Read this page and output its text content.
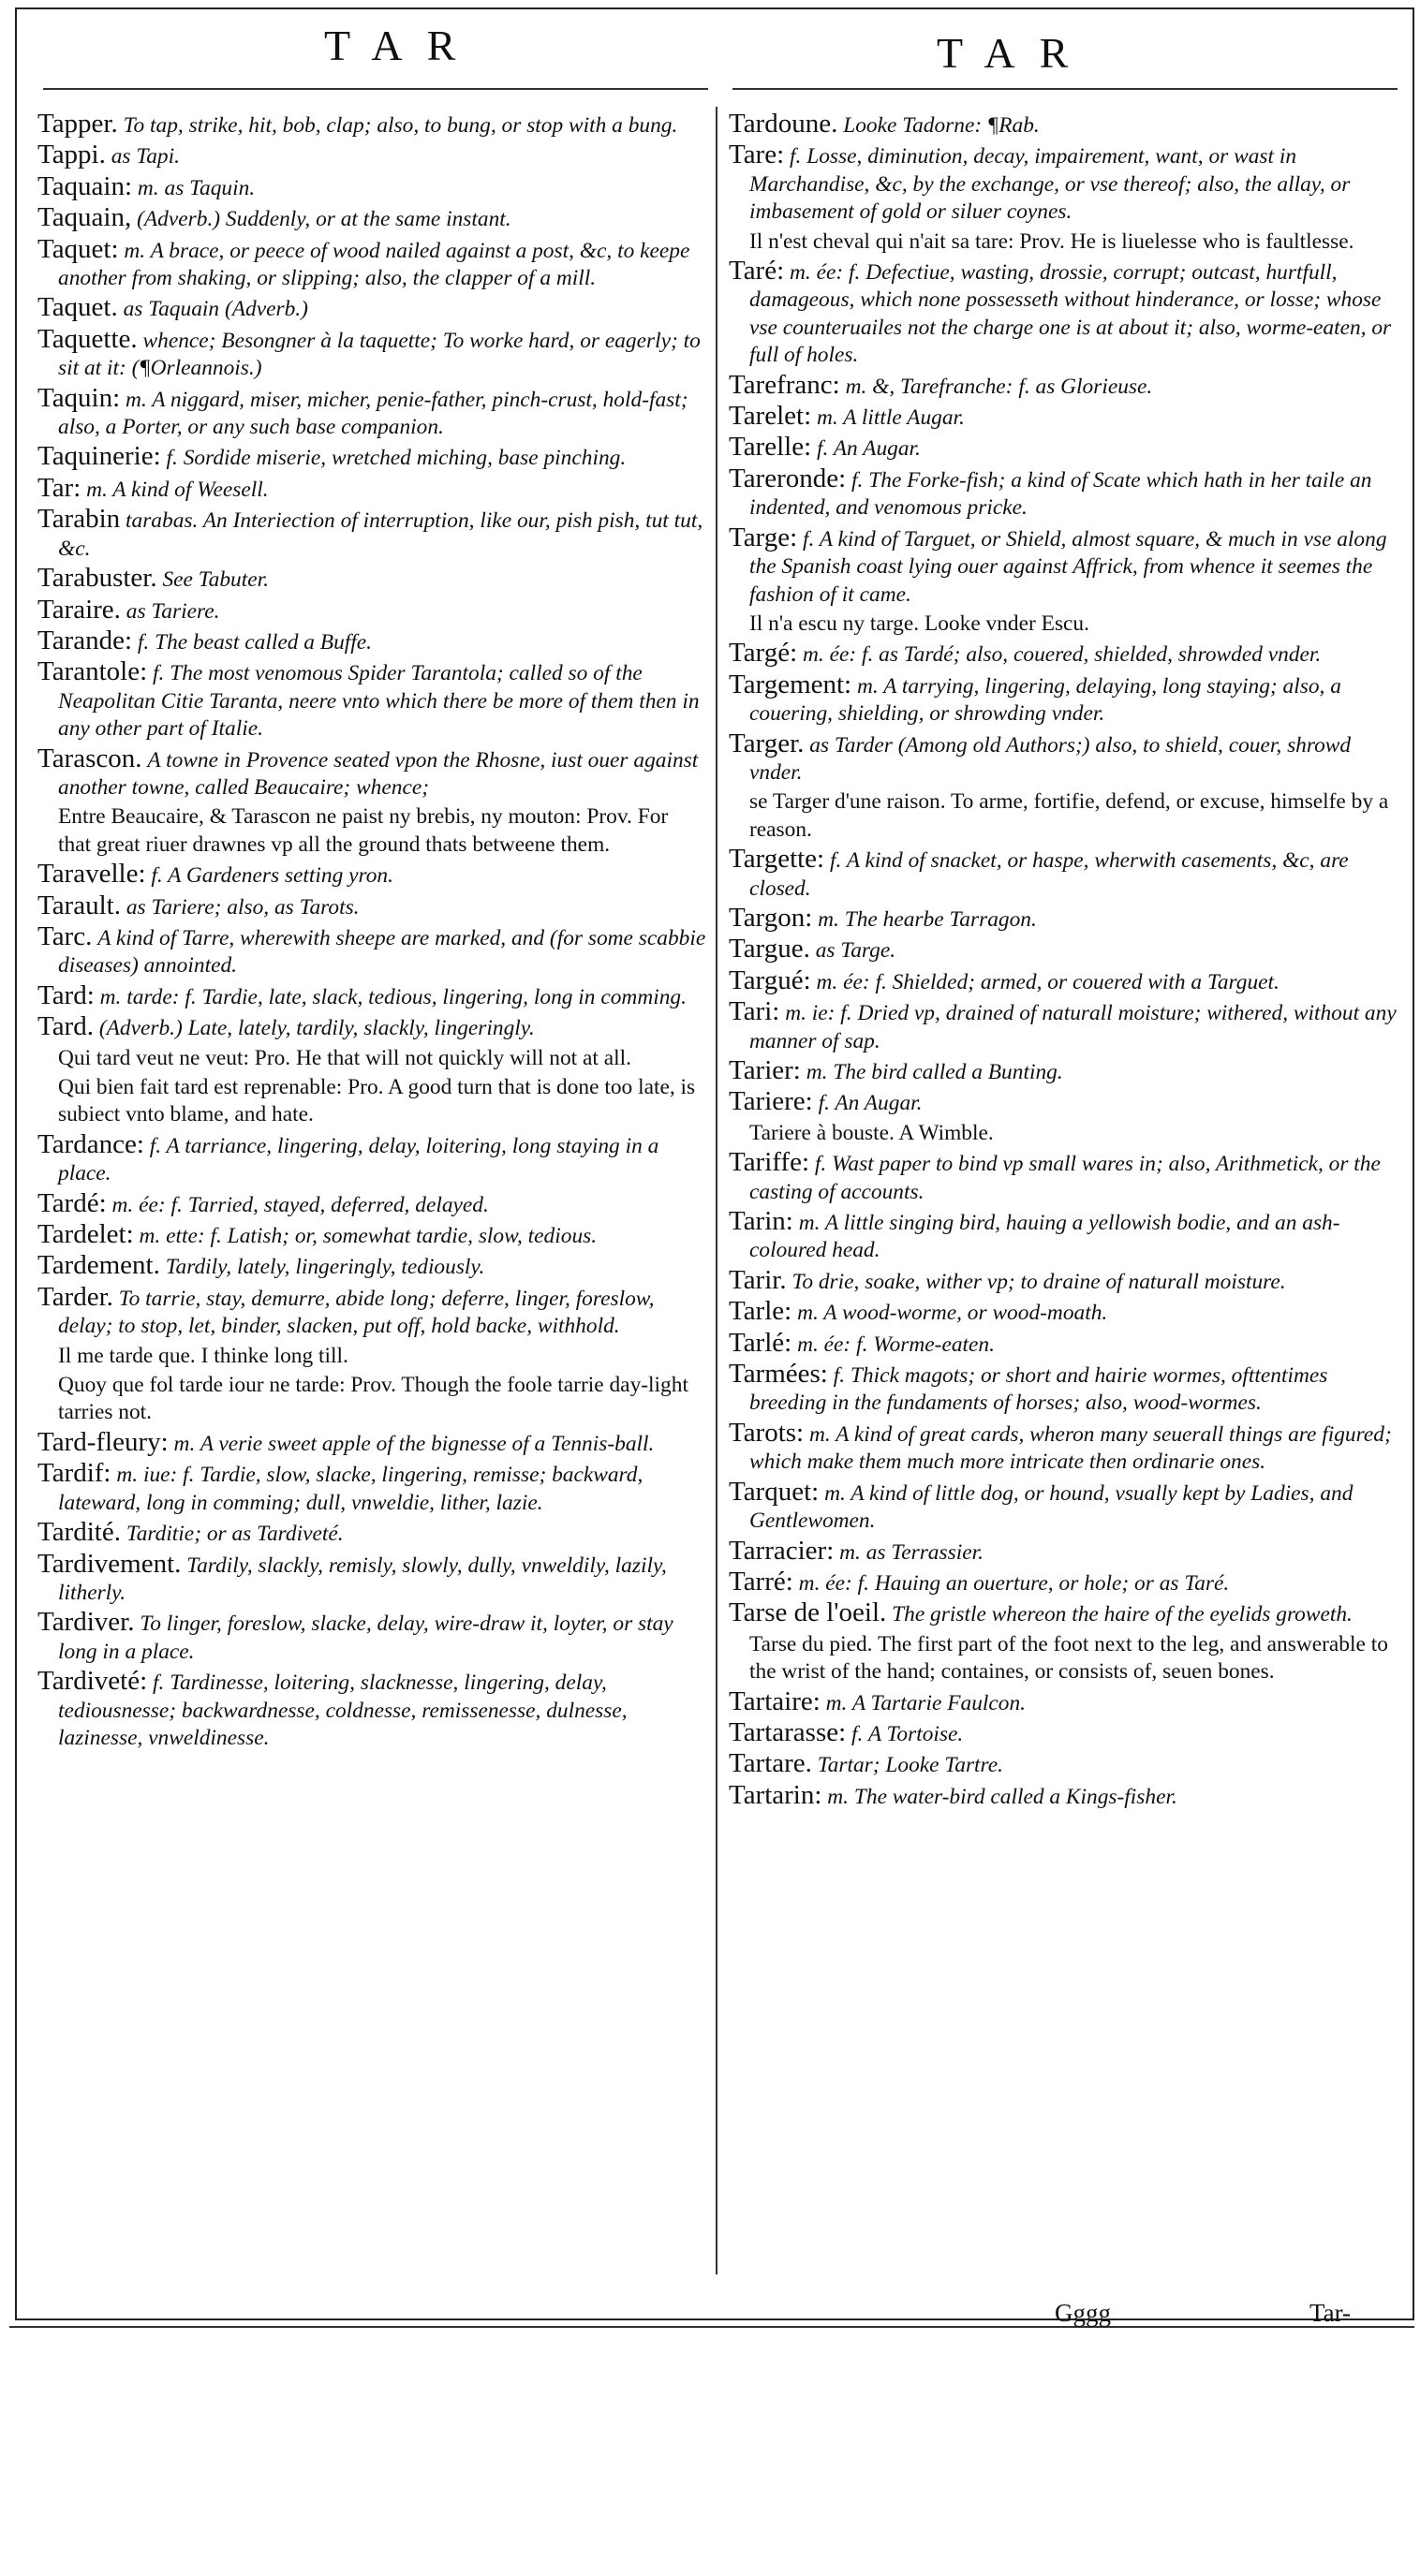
TAR	TAR
Tapper. To tap, strike, hit, bob, clap; also, to bung, or stop with a bung.
Tappi. as Tapi.
Taquain: m. as Taquin.
Taquain, (Adverb.) Suddenly, or at the same instant.
Taquet: m. A brace, or peece of wood nailed against a post, &c, to keepe another from shaking, or slipping; also, the clapper of a mill.
Taquet. as Taquain (Adverb.)
Taquette. whence; Besongner à la taquette; To worke hard, or eagerly; to sit at it: (¶Orleannois.)
Taquin: m. A niggard, miser, micher, penie-father, pinch-crust, hold-fast; also, a Porter, or any such base companion.
Taquinerie: f. Sordide miserie, wretched miching, base pinching.
Tar: m. A kind of Weesell.
Tarabin tarabas. An Interiection of interruption, like our, pish pish, tut tut, &c.
Tarabuster. See Tabuter.
Taraire. as Tariere.
Tarande: f. The beast called a Buffe.
Tarantole: f. The most venomous Spider Tarantola; called so of the Neapolitan Citie Taranta, neere vnto which there be more of them then in any other part of Italie.
Tarascon. A towne in Provence seated vpon the Rhosne, iust ouer against another towne, called Beaucaire; whence;
Entre Beaucaire, & Tarascon ne paist ny brebis, ny mouton: Prov. For that great riuer drawnes vp all the ground thats betweene them.
Taravelle: f. A Gardeners setting yron.
Tarault. as Tariere; also, as Tarots.
Tarc. A kind of Tarre, wherewith sheepe are marked, and (for some scabbie diseases) annointed.
Tard: m. tarde: f. Tardie, late, slack, tedious, lingering, long in comming.
Tard. (Adverb.) Late, lately, tardily, slackly, lingeringly.
Qui tard veut ne veut: Pro. He that will not quickly will not at all.
Qui bien fait tard est reprenable: Pro. A good turn that is done too late, is subiect vnto blame, and hate.
Tardance: f. A tarriance, lingering, delay, loitering, long staying in a place.
Tardé: m. ée: f. Tarried, stayed, deferred, delayed.
Tardelet: m. ette: f. Latish; or, somewhat tardie, slow, tedious.
Tardement. Tardily, lately, lingeringly, tediously.
Tarder. To tarrie, stay, demurre, abide long; deferre, linger, foreslow, delay; to stop, let, binder, slacken, put off, hold backe, withhold.
Il me tarde que. I thinke long till.
Quoy que fol tarde iour ne tarde: Prov. Though the foole tarrie day-light tarries not.
Tard-fleury: m. A verie sweet apple of the bignesse of a Tennis-ball.
Tardif: m. iue: f. Tardie, slow, slacke, lingering, remisse; backward, lateward, long in comming; dull, vnweldie, lither, lazie.
Tardité. Tarditie; or as Tardiveté.
Tardivement. Tardily, slackly, remisly, slowly, dully, vnweldily, lazily, litherly.
Tardiver. To linger, foreslow, slacke, delay, wire-draw it, loyter, or stay long in a place.
Tardiveté: f. Tardinesse, loitering, slacknesse, lingering, delay, tediousnesse; backwardnesse, coldnesse, remissenesse, dulnesse, lazinesse, vnweldinesse.
Tardoune. Looke Tadorne: ¶Rab.
Tare: f. Losse, diminution, decay, impairement, want, or wast in Marchandise, &c, by the exchange, or vse thereof; also, the allay, or imbasement of gold or siluer coynes.
Il n'est cheval qui n'ait sa tare: Prov. He is liuelesse who is faultlesse.
Taré: m. ée: f. Defectiue, wasting, drossie, corrupt; outcast, hurtfull, damageous, which none possesseth without hinderance, or losse; whose vse counteruailes not the charge one is at about it; also, worme-eaten, or full of holes.
Tarefranc: m. &, Tarefranche: f. as Glorieuse.
Tarelet: m. A little Augar.
Tarelle: f. An Augar.
Tareronde: f. The Forke-fish; a kind of Scate which hath in her taile an indented, and venomous pricke.
Targe: f. A kind of Targuet, or Shield, almost square, & much in vse along the Spanish coast lying ouer against Affrick, from whence it seemes the fashion of it came.
Il n'a escu ny targe. Looke vnder Escu.
Targé: m. ée: f. as Tardé; also, couered, shielded, shrowded vnder.
Targement: m. A tarrying, lingering, delaying, long staying; also, a couering, shielding, or shrowding vnder.
Targer. as Tarder (Among old Authors;) also, to shield, couer, shrowd vnder.
se Targer d'une raison. To arme, fortifie, defend, or excuse, himselfe by a reason.
Targette: f. A kind of snacket, or haspe, wherwith casements, &c, are closed.
Targon: m. The hearbe Tarragon.
Targue. as Targe.
Targué: m. ée: f. Shielded; armed, or couered with a Targuet.
Tari: m. ie: f. Dried vp, drained of naturall moisture; withered, without any manner of sap.
Tarier: m. The bird called a Bunting.
Tariere: f. An Augar.
Tariere à bouste. A Wimble.
Tariffe: f. Wast paper to bind vp small wares in; also, Arithmetick, or the casting of accounts.
Tarin: m. A little singing bird, hauing a yellowish bodie, and an ash-coloured head.
Tarir. To drie, soake, wither vp; to draine of naturall moisture.
Tarle: m. A wood-worme, or wood-moath.
Tarlé: m. ée: f. Worme-eaten.
Tarmées: f. Thick magots; or short and hairie wormes, ofttentimes breeding in the fundaments of horses; also, wood-wormes.
Tarots: m. A kind of great cards, wheron many seuerall things are figured; which make them much more intricate then ordinarie ones.
Tarquet: m. A kind of little dog, or hound, vsually kept by Ladies, and Gentlewomen.
Tarracier: m. as Terrassier.
Tarré: m. ée: f. Hauing an ouerture, or hole; or as Taré.
Tarse de l'oeil. The gristle whereon the haire of the eyelids groweth.
Tarse du pied. The first part of the foot next to the leg, and answerable to the wrist of the hand; containes, or consists of, seuen bones.
Tartaire: m. A Tartarie Faulcon.
Tartarasse: f. A Tortoise.
Tartare. Tartar; Looke Tartre.
Tartarin: m. The water-bird called a Kings-fisher.
Gggg	Tar-
